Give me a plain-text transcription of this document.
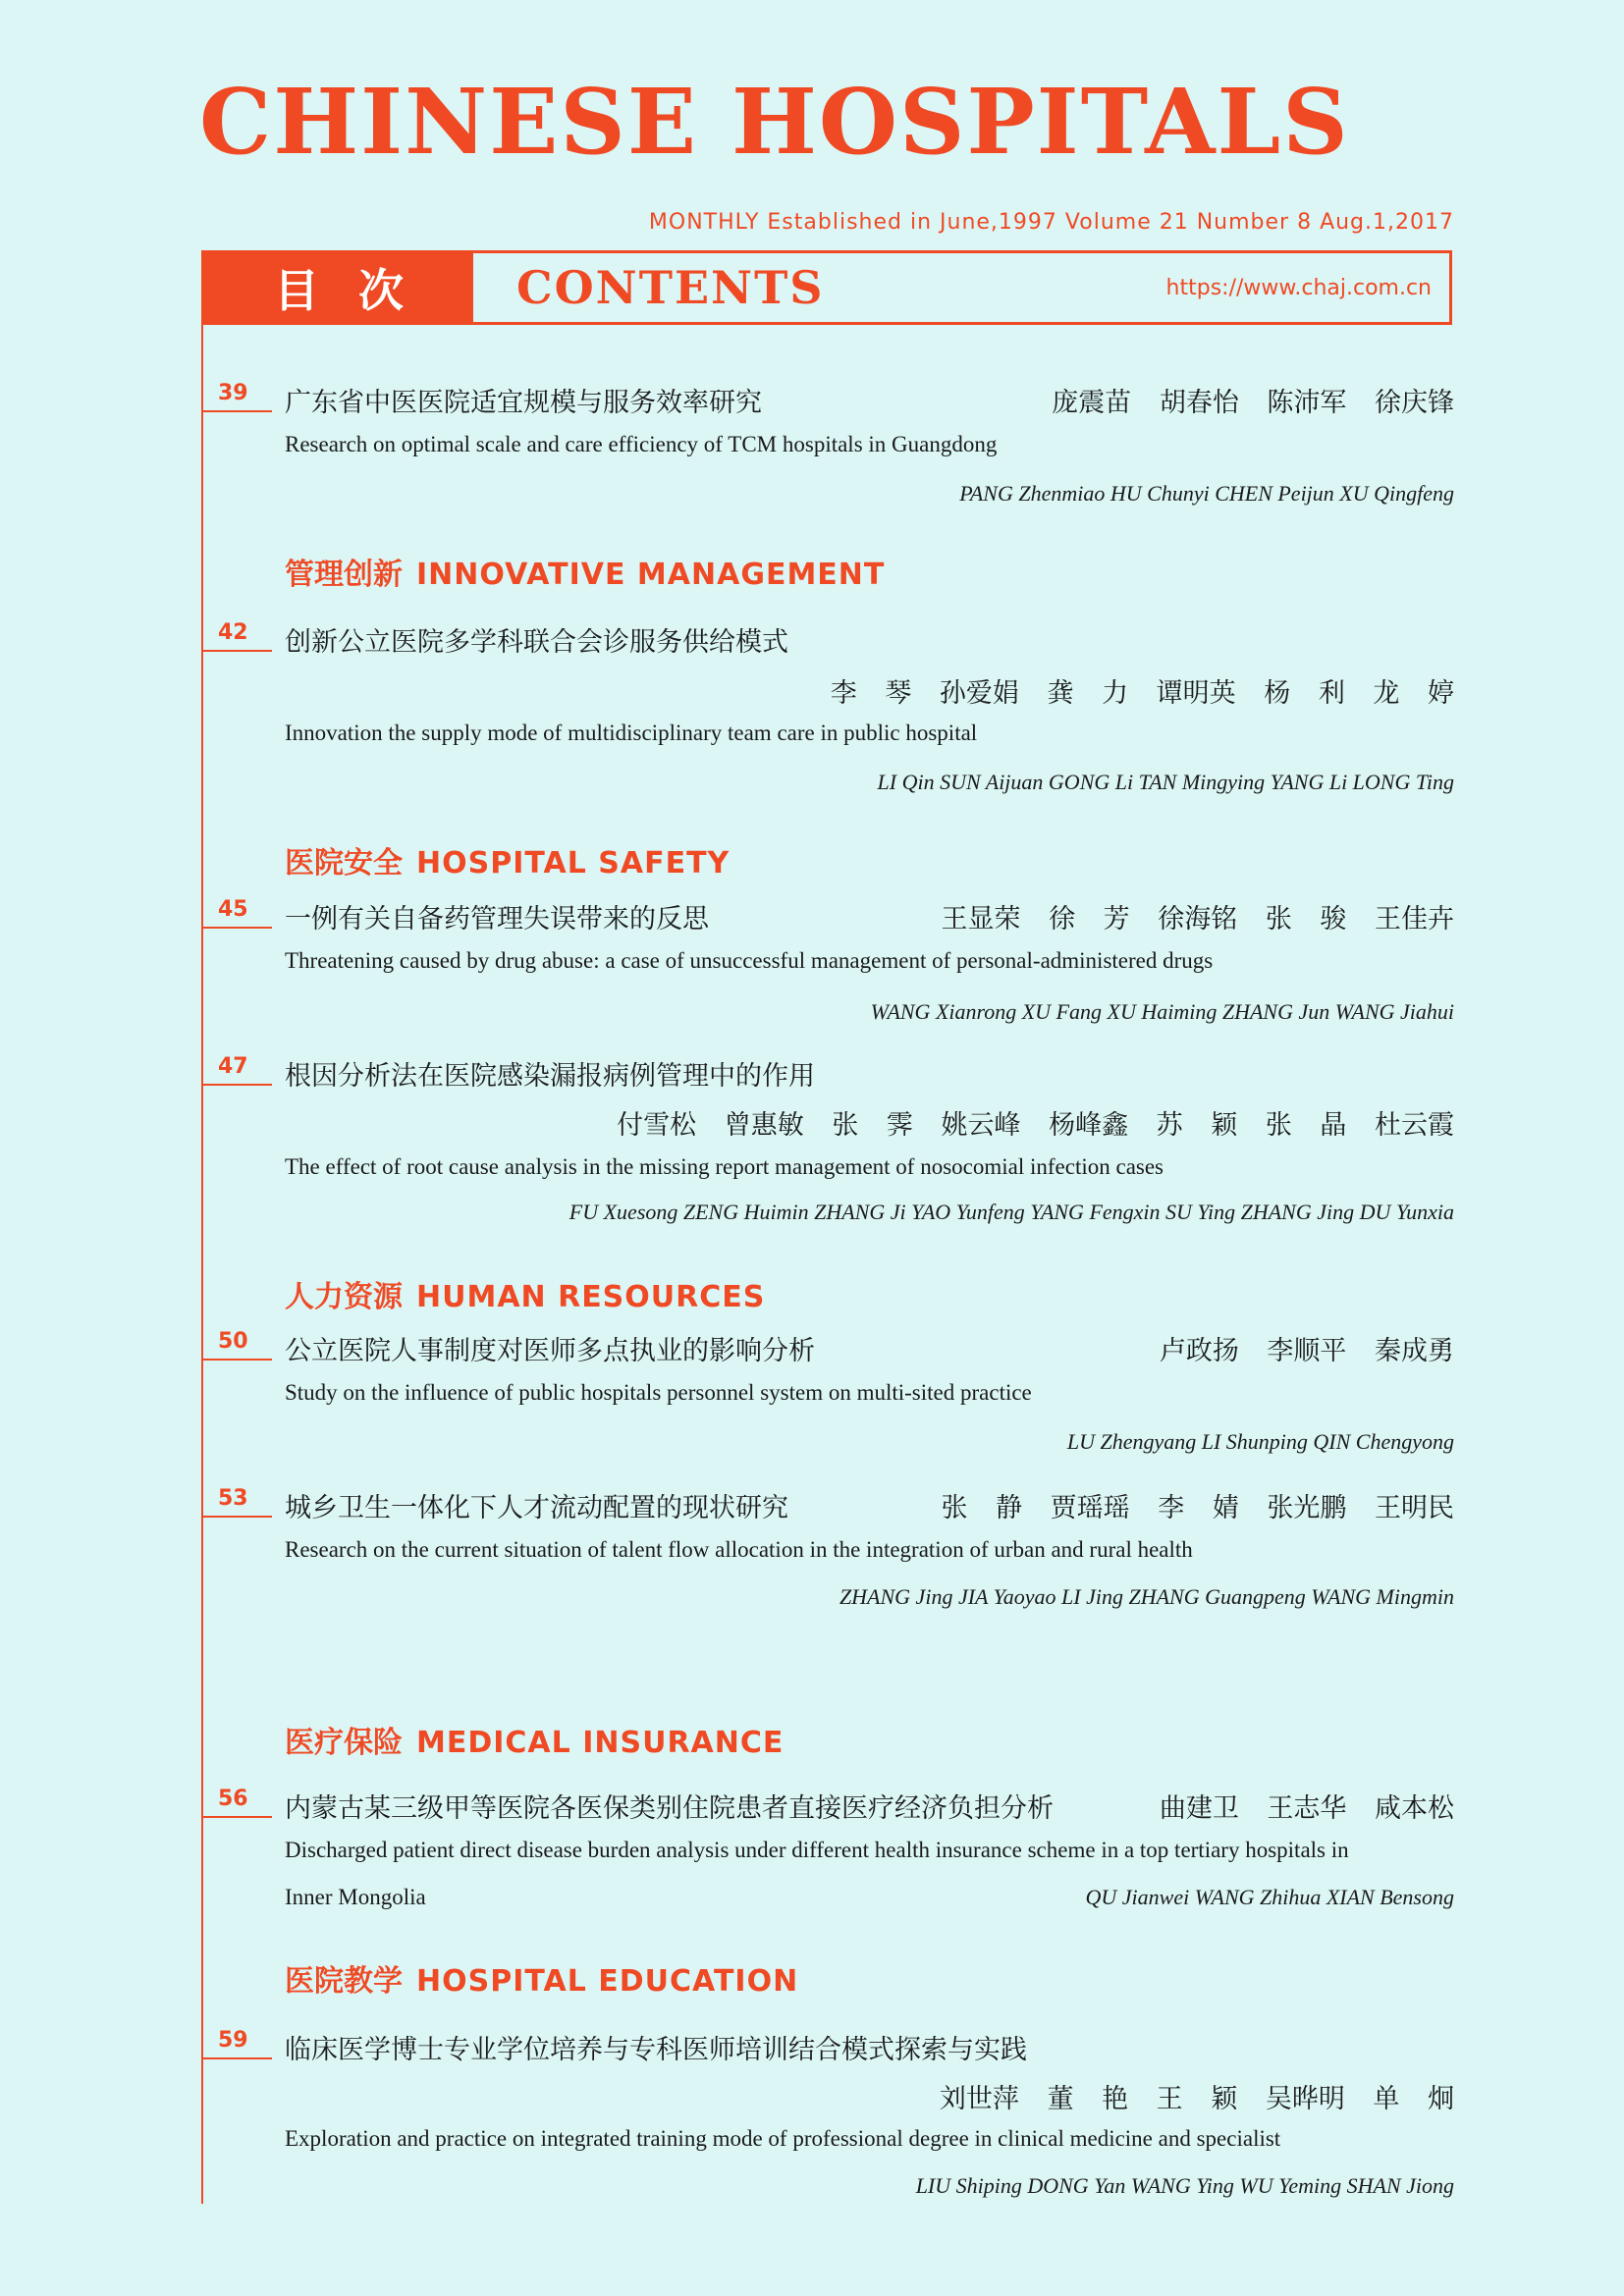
CHINESE HOSPITALS
MONTHLY Established in June,1997 Volume 21 Number 8 Aug.1,2017
目次	CONTENTS	https://www.chaj.com.cn
39 广东省中医医院适宜规模与服务效率研究	庞震苗 胡春怡 陈沛军 徐庆锋
Research on optimal scale and care efficiency of TCM hospitals in Guangdong
PANG Zhenmiao HU Chunyi CHEN Peijun XU Qingfeng
管理创新 INNOVATIVE MANAGEMENT
42 创新公立医院多学科联合会诊服务供给模式
李 琴 孙爱娟 龚 力 谭明英 杨 利 龙 婷
Innovation the supply mode of multidisciplinary team care in public hospital
LI Qin SUN Aijuan GONG Li TAN Mingying YANG Li LONG Ting
医院安全 HOSPITAL SAFETY
45 一例有关自备药管理失误带来的反思	王显荣 徐 芳 徐海铭 张 骏 王佳卉
Threatening caused by drug abuse: a case of unsuccessful management of personal-administered drugs
WANG Xianrong XU Fang XU Haiming ZHANG Jun WANG Jiahui
47 根因分析法在医院感染漏报病例管理中的作用
付雪松 曾惠敏 张 霁 姚云峰 杨峰鑫 苏 颖 张 晶 杜云霞
The effect of root cause analysis in the missing report management of nosocomial infection cases
FU Xuesong ZENG Huimin ZHANG Ji YAO Yunfeng YANG Fengxin SU Ying ZHANG Jing DU Yunxia
人力资源 HUMAN RESOURCES
50 公立医院人事制度对医师多点执业的影响分析	卢政扬 李顺平 秦成勇
Study on the influence of public hospitals personnel system on multi-sited practice
LU Zhengyang LI Shunping QIN Chengyong
53 城乡卫生一体化下人才流动配置的现状研究	张 静 贾瑶瑶 李 婧 张光鹏 王明民
Research on the current situation of talent flow allocation in the integration of urban and rural health
ZHANG Jing JIA Yaoyao LI Jing ZHANG Guangpeng WANG Mingmin
医疗保险 MEDICAL INSURANCE
56 内蒙古某三级甲等医院各医保类别住院患者直接医疗经济负担分析	曲建卫 王志华 咸本松
Discharged patient direct disease burden analysis under different health insurance scheme in a top tertiary hospitals in
Inner Mongolia	QU Jianwei WANG Zhihua XIAN Bensong
医院教学 HOSPITAL EDUCATION
59 临床医学博士专业学位培养与专科医师培训结合模式探索与实践
刘世萍 董 艳 王 颖 吴晔明 单 炯
Exploration and practice on integrated training mode of professional degree in clinical medicine and specialist
LIU Shiping DONG Yan WANG Ying WU Yeming SHAN Jiong
